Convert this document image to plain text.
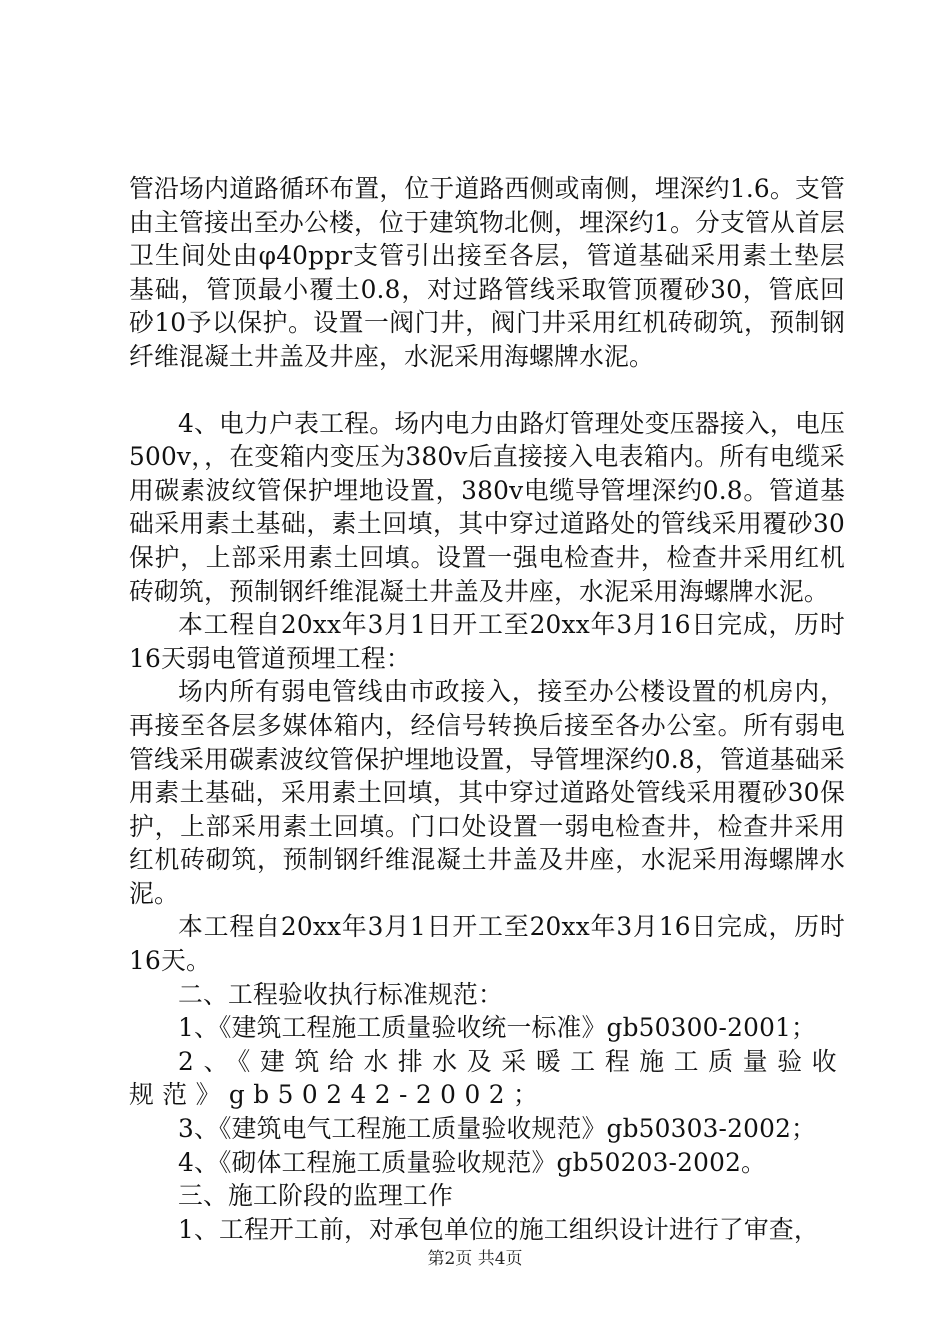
管沿场内道路循环布置，位于道路西侧或南侧，埋深约1.6。支管由主管接出至办公楼，位于建筑物北侧，埋深约1。分支管从首层卫生间处由φ40ppr支管引出接至各层，管道基础采用素土垫层基础，管顶最小覆土0.8，对过路管线采取管顶覆砂30，管底回砂10予以保护。设置一阀门井，阀门井采用红机砖砌筑，预制钢纤维混凝土井盖及井座，水泥采用海螺牌水泥。

4、电力户表工程。场内电力由路灯管理处变压器接入，电压500v，，在变箱内变压为380v后直接接入电表箱内。所有电缆采用碳素波纹管保护埋地设置，380v电缆导管埋深约0.8。管道基础采用素土基础，素土回填，其中穿过道路处的管线采用覆砂30保护，上部采用素土回填。设置一强电检查井，检查井采用红机砖砌筑，预制钢纤维混凝土井盖及井座，水泥采用海螺牌水泥。

本工程自20xx年3月1日开工至20xx年3月16日完成，历时16天弱电管道预埋工程：

场内所有弱电管线由市政接入，接至办公楼设置的机房内，再接至各层多媒体箱内，经信号转换后接至各办公室。所有弱电管线采用碳素波纹管保护埋地设置，导管埋深约0.8，管道基础采用素土基础，采用素土回填，其中穿过道路处管线采用覆砂30保护，上部采用素土回填。门口处设置一弱电检查井，检查井采用红机砖砌筑，预制钢纤维混凝土井盖及井座，水泥采用海螺牌水泥。

本工程自20xx年3月1日开工至20xx年3月16日完成，历时16天。

二、工程验收执行标准规范：

1、《建筑工程施工质量验收统一标准》gb50300-2001；

2、《建筑给水排水及采暖工程施工质量验收规范》gb50242-2002；

3、《建筑电气工程施工质量验收规范》gb50303-2002；

4、《砌体工程施工质量验收规范》gb50203-2002。

三、施工阶段的监理工作

1、工程开工前，对承包单位的施工组织设计进行了审查，

第2页 共4页
